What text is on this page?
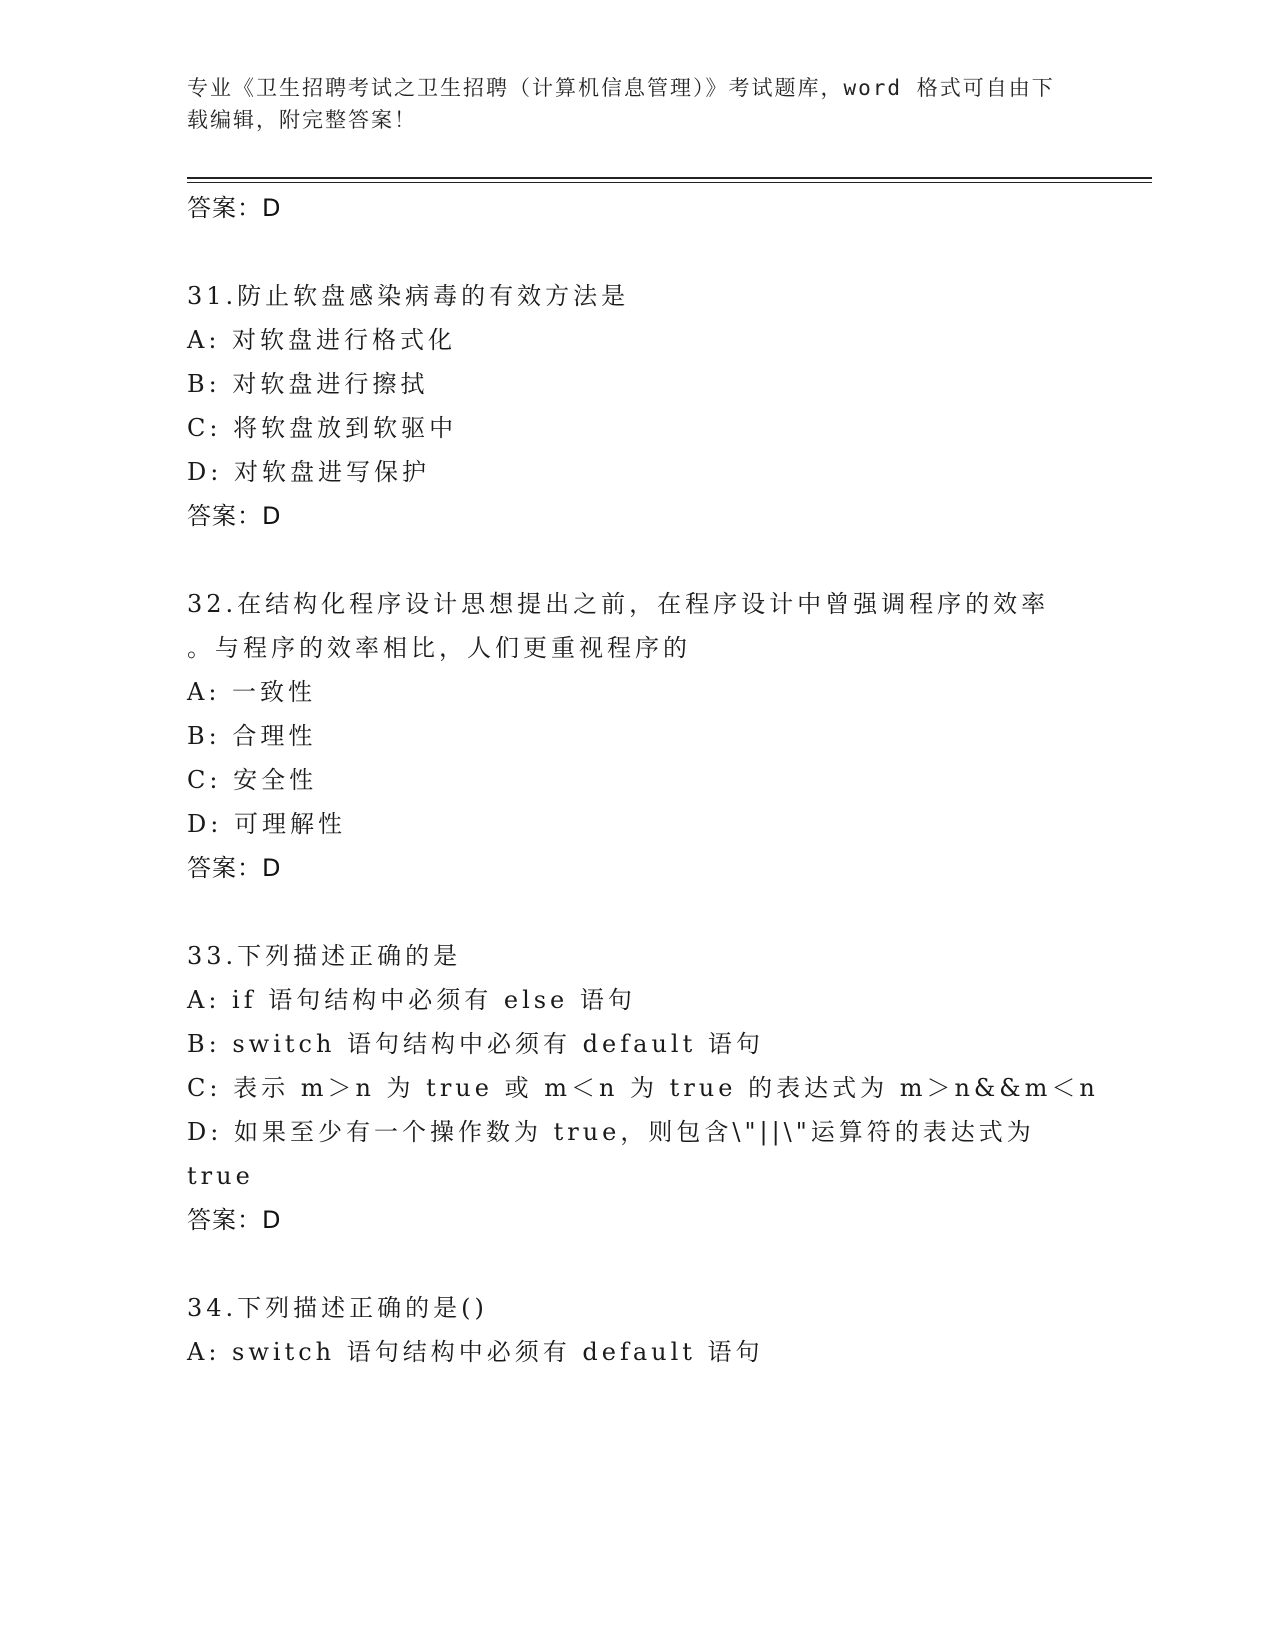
专业《卫生招聘考试之卫生招聘（计算机信息管理）》考试题库，word 格式可自由下载编辑，附完整答案！

答案：D

31.防止软盘感染病毒的有效方法是

A: 对软盘进行格式化

B: 对软盘进行擦拭

C: 将软盘放到软驱中

D: 对软盘进写保护

答案：D

32.在结构化程序设计思想提出之前，在程序设计中曾强调程序的效率

。与程序的效率相比，人们更重视程序的

A: 一致性

B: 合理性

C: 安全性

D: 可理解性

答案：D

33.下列描述正确的是

A: if 语句结构中必须有 else 语句

B: switch 语句结构中必须有 default 语句

C: 表示 m＞n 为 true 或 m＜n 为 true 的表达式为 m＞n&&m＜n

D: 如果至少有一个操作数为 true，则包含\"||\"运算符的表达式为

true

答案：D

34.下列描述正确的是()

A: switch 语句结构中必须有 default 语句
